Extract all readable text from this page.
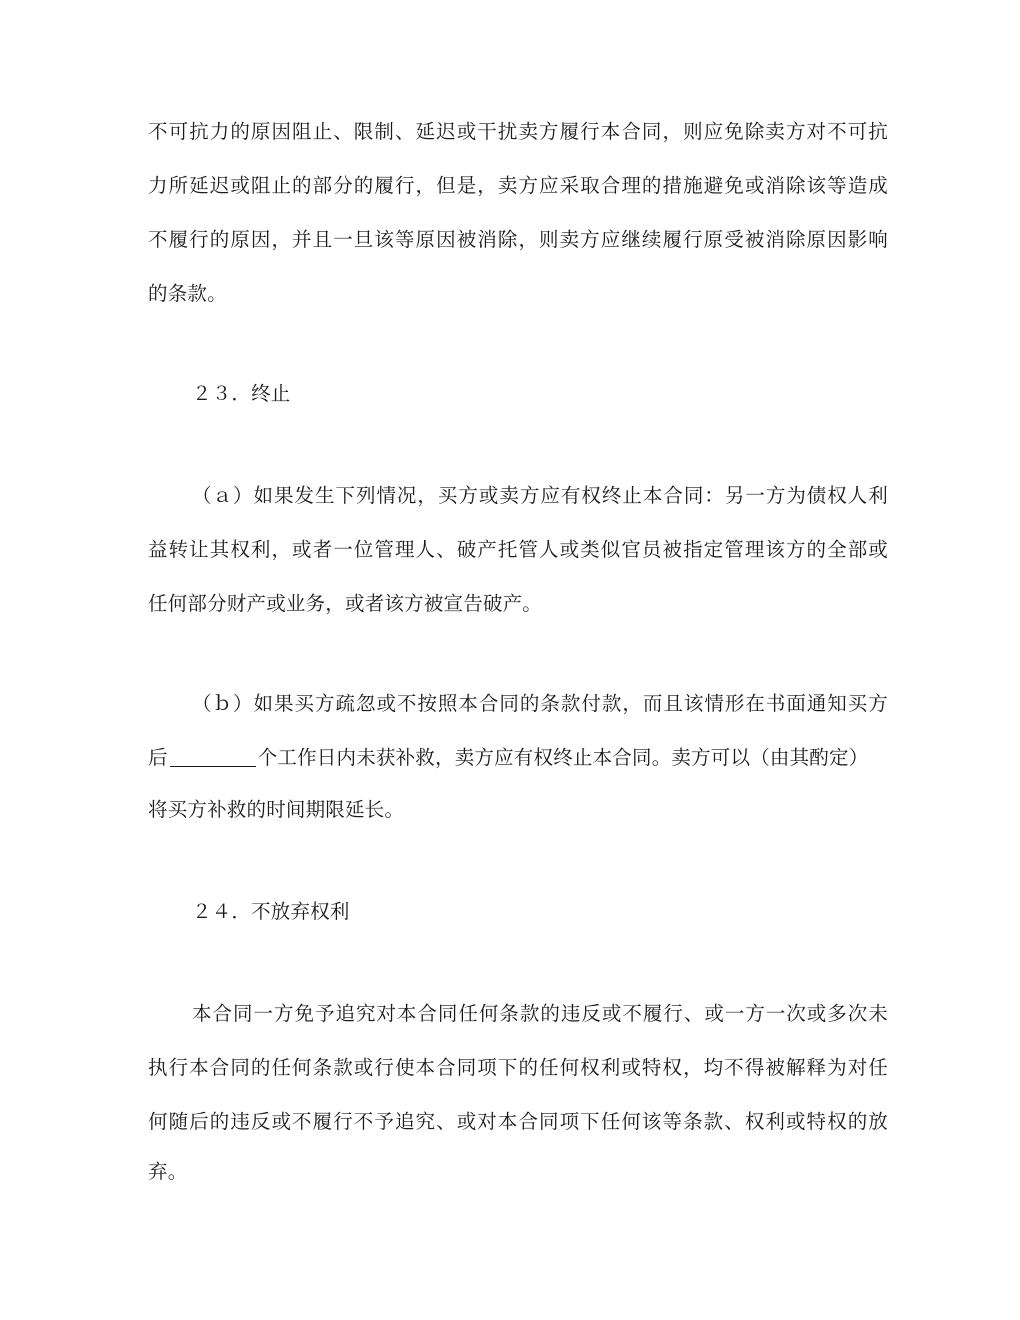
不可抗力的原因阻止、限制、延迟或干扰卖方履行本合同，则应免除卖方对不可抗
力所延迟或阻止的部分的履行，但是，卖方应采取合理的措施避免或消除该等造成
不履行的原因，并且一旦该等原因被消除，则卖方应继续履行原受被消除原因影响
的条款。
２３．终止
（ａ）如果发生下列情况，买方或卖方应有权终止本合同：另一方为债权人利
益转让其权利，或者一位管理人、破产托管人或类似官员被指定管理该方的全部或
任何部分财产或业务，或者该方被宣告破产。
（ｂ）如果买方疏忽或不按照本合同的条款付款，而且该情形在书面通知买方
后	个工作日内未获补救，卖方应有权终止本合同。卖方可以（由其酌定）
将买方补救的时间期限延长。
２４．不放弃权利
本合同一方免予追究对本合同任何条款的违反或不履行、或一方一次或多次未
执行本合同的任何条款或行使本合同项下的任何权利或特权，均不得被解释为对任
何随后的违反或不履行不予追究、或对本合同项下任何该等条款、权利或特权的放
弃。
